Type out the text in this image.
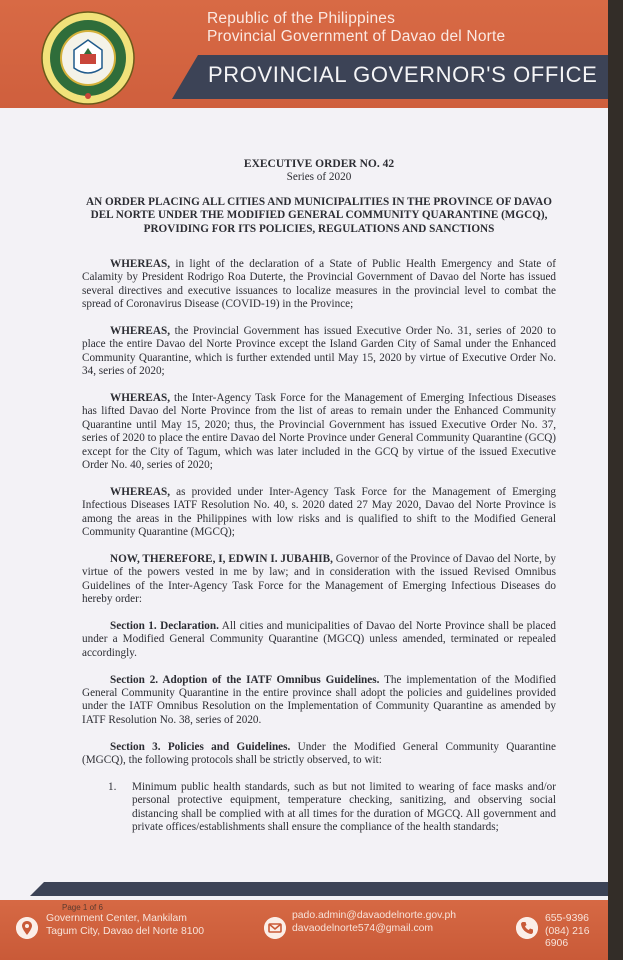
Republic of the Philippines
Provincial Government of Davao del Norte
PROVINCIAL GOVERNOR'S OFFICE

EXECUTIVE ORDER NO. 42

Series of 2020

AN ORDER PLACING ALL CITIES AND MUNICIPALITIES IN THE PROVINCE OF DAVAO
DEL NORTE UNDER THE MODIFIED GENERAL COMMUNITY QUARANTINE (MGCQ),
PROVIDING FOR ITS POLICIES, REGULATIONS AND SANCTIONS

WHEREAS, in light of the declaration of a State of Public Health Emergency and State of Calamity by President Rodrigo Roa Duterte, the Provincial Government of Davao del Norte has issued several directives and executive issuances to localize measures in the provincial level to combat the spread of Coronavirus Disease (COVID-19) in the Province;

WHEREAS, the Provincial Government has issued Executive Order No. 31, series of 2020 to place the entire Davao del Norte Province except the Island Garden City of Samal under the Enhanced Community Quarantine, which is further extended until May 15, 2020 by virtue of Executive Order No. 34, series of 2020;

WHEREAS, the Inter-Agency Task Force for the Management of Emerging Infectious Diseases has lifted Davao del Norte Province from the list of areas to remain under the Enhanced Community Quarantine until May 15, 2020; thus, the Provincial Government has issued Executive Order No. 37, series of 2020 to place the entire Davao del Norte Province under General Community Quarantine (GCQ) except for the City of Tagum, which was later included in the GCQ by virtue of the issued Executive Order No. 40, series of 2020;

WHEREAS, as provided under Inter-Agency Task Force for the Management of Emerging Infectious Diseases IATF Resolution No. 40, s. 2020 dated 27 May 2020, Davao del Norte Province is among the areas in the Philippines with low risks and is qualified to shift to the Modified General Community Quarantine (MGCQ);

NOW, THEREFORE, I, EDWIN I. JUBAHIB, Governor of the Province of Davao del Norte, by virtue of the powers vested in me by law; and in consideration with the issued Revised Omnibus Guidelines of the Inter-Agency Task Force for the Management of Emerging Infectious Diseases do hereby order:

Section 1. Declaration. All cities and municipalities of Davao del Norte Province shall be placed under a Modified General Community Quarantine (MGCQ) unless amended, terminated or repealed accordingly.

Section 2. Adoption of the IATF Omnibus Guidelines. The implementation of the Modified General Community Quarantine in the entire province shall adopt the policies and guidelines provided under the IATF Omnibus Resolution on the Implementation of Community Quarantine as amended by IATF Resolution No. 38, series of 2020.

Section 3. Policies and Guidelines. Under the Modified General Community Quarantine (MGCQ), the following protocols shall be strictly observed, to wit:

1.	Minimum public health standards, such as but not limited to wearing of face masks and/or personal protective equipment, temperature checking, sanitizing, and observing social distancing shall be complied with at all times for the duration of MGCQ. All government and private offices/establishments shall ensure the compliance of the health standards;
Page 1 of 6
Government Center, Mankilam
Tagum City, Davao del Norte 8100
pado.admin@davaodelnorte.gov.ph
davaodelnorte574@gmail.com
655-9396
(084) 216 6906
